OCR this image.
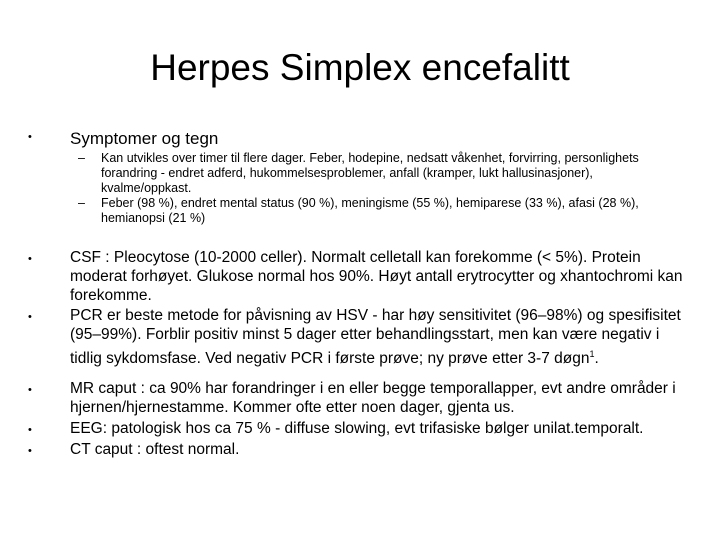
Herpes Simplex encefalitt
• Symptomer og tegn
– Kan utvikles over timer til flere dager. Feber, hodepine, nedsatt våkenhet, forvirring, personlighets forandring - endret adferd, hukommelsesproblemer, anfall (kramper, lukt hallusinasjoner), kvalme/oppkast.
– Feber (98 %), endret mental status (90 %), meningisme (55 %), hemiparese (33 %), afasi (28 %), hemianopsi (21 %)
• CSF : Pleocytose (10-2000 celler). Normalt celletall kan forekomme (< 5%). Protein moderat forhøyet. Glukose normal hos 90%. Høyt antall erytrocytter og xhantochromi kan forekomme.
• PCR er beste metode for påvisning av HSV - har høy sensitivitet (96–98%) og spesifisitet (95–99%). Forblir positiv minst 5 dager etter behandlingsstart, men kan være negativ i tidlig sykdomsfase. Ved negativ PCR i første prøve; ny prøve etter 3-7 døgn$^1$.
• MR caput : ca 90% har forandringer i en eller begge temporallapper, evt andre områder i hjernen/hjernestamme. Kommer ofte etter noen dager, gjenta us.
• EEG: patologisk hos ca 75 % - diffuse slowing, evt trifasiske bølger unilat.temporalt.
• CT caput : oftest normal.
